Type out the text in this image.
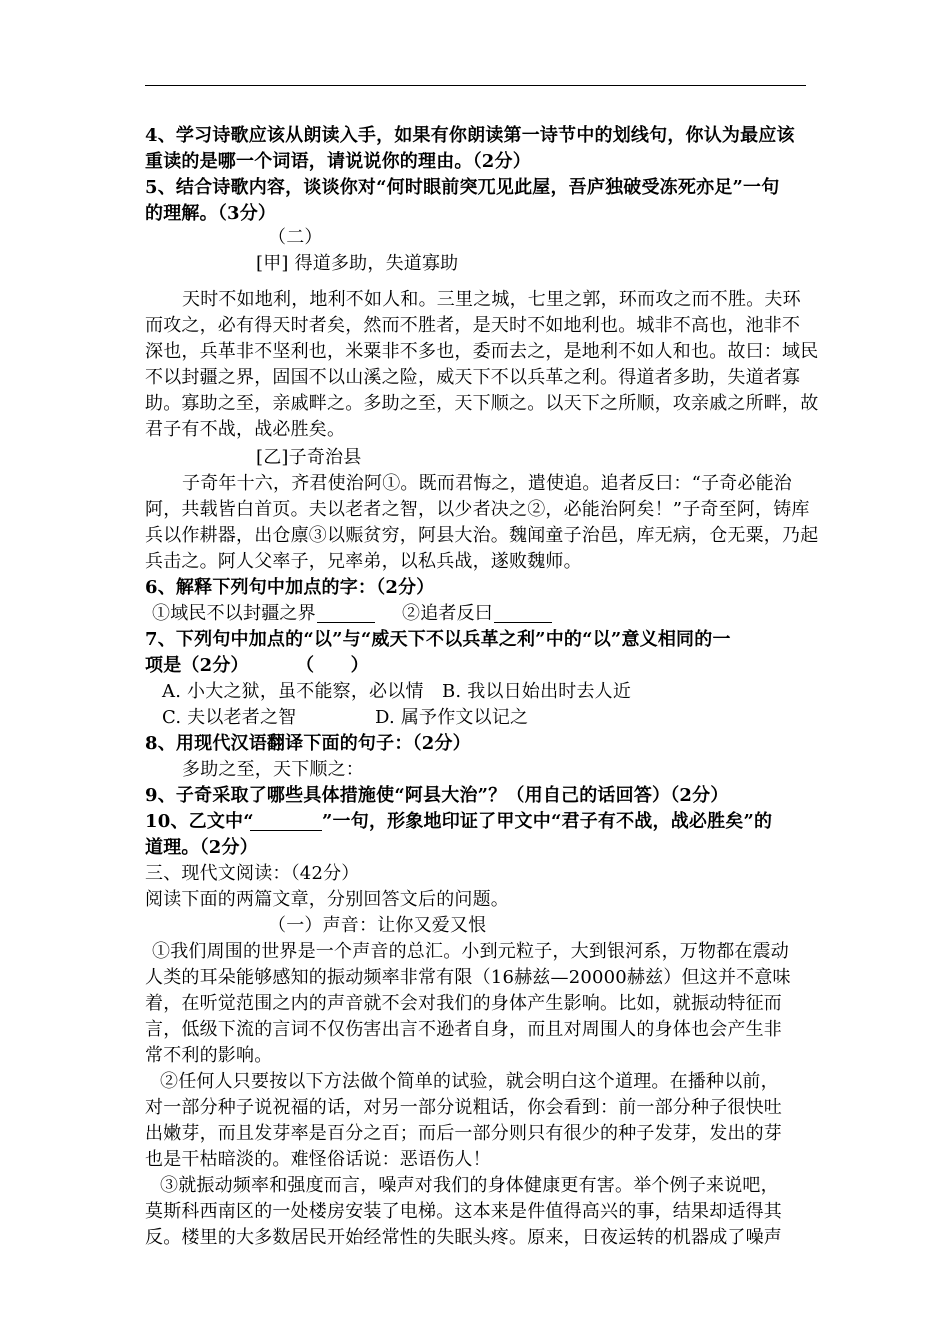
4、学习诗歌应该从朗读入手，如果有你朗读第一诗节中的划线句，你认为最应该
重读的是哪一个词语，请说说你的理由。（2分）
5、结合诗歌内容，谈谈你对“何时眼前突兀见此屋，吾庐独破受冻死亦足”一句
的理解。（3分）
（二）
[甲] 得道多助，失道寡助
天时不如地利，地利不如人和。三里之城，七里之郭，环而攻之而不胜。夫环
而攻之，必有得天时者矣，然而不胜者，是天时不如地利也。城非不高也，池非不
深也，兵革非不坚利也，米粟非不多也，委而去之，是地利不如人和也。故曰：域民
不以封疆之界，固国不以山溪之险，威天下不以兵革之利。得道者多助，失道者寡
助。寡助之至，亲戚畔之。多助之至，天下顺之。以天下之所顺，攻亲戚之所畔，故
君子有不战，战必胜矣。
[乙]子奇治县
子奇年十六，齐君使治阿①。既而君悔之，遣使追。追者反曰：“子奇必能治
阿，共载皆白首页。夫以老者之智，以少者决之②，必能治阿矣！”子奇至阿，铸库
兵以作耕器，出仓廪③以赈贫穷，阿县大治。魏闻童子治邑，库无病，仓无粟，乃起
兵击之。阿人父率子，兄率弟，以私兵战，遂败魏师。
6、解释下列句中加点的字：（2分）
①域民不以封疆之界	②追者反曰
7、下列句中加点的“以”与“威天下不以兵革之利”中的“以”意义相同的一
项是（2分）	（　　）
A. 小大之狱，虽不能察，必以情	B. 我以日始出时去人近
C. 夫以老者之智	D. 属予作文以记之
8、用现代汉语翻译下面的句子：（2分）
多助之至，天下顺之：
9、子奇采取了哪些具体措施使“阿县大治”？（用自己的话回答）（2分）
10、乙文中“	”一句，形象地印证了甲文中“君子有不战，战必胜矣”的
道理。（2分）
三、现代文阅读：（42分）
阅读下面的两篇文章，分别回答文后的问题。
（一）声音：让你又爱又恨
①我们周围的世界是一个声音的总汇。小到元粒子，大到银河系，万物都在震动
人类的耳朵能够感知的振动频率非常有限（16赫兹—20000赫兹）但这并不意味
着，在听觉范围之内的声音就不会对我们的身体产生影响。比如，就振动特征而
言，低级下流的言词不仅伤害出言不逊者自身，而且对周围人的身体也会产生非
常不利的影响。
②任何人只要按以下方法做个简单的试验，就会明白这个道理。在播种以前，
对一部分种子说祝福的话，对另一部分说粗话，你会看到：前一部分种子很快吐
出嫩芽，而且发芽率是百分之百；而后一部分则只有很少的种子发芽，发出的芽
也是干枯暗淡的。难怪俗话说：恶语伤人！
③就振动频率和强度而言，噪声对我们的身体健康更有害。举个例子来说吧，
莫斯科西南区的一处楼房安装了电梯。这本来是件值得高兴的事，结果却适得其
反。楼里的大多数居民开始经常性的失眠头疼。原来，日夜运转的机器成了噪声
